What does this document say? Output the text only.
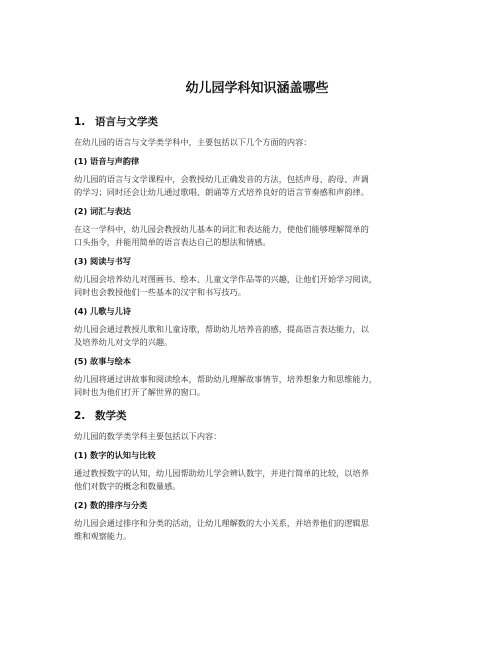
幼儿园学科知识涵盖哪些
1. 语言与文学类

在幼儿园的语言与文学类学科中，主要包括以下几个方面的内容：

(1) 语音与声韵律

幼儿园的语言与文学课程中，会教授幼儿正确发音的方法，包括声母、韵母、声调

的学习；同时还会让幼儿通过歌唱、朗诵等方式培养良好的语言节奏感和声韵律。

(2) 词汇与表达

在这一学科中，幼儿园会教授幼儿基本的词汇和表达能力，使他们能够理解简单的

口头指令，并能用简单的语言表达自己的想法和情感。

(3) 阅读与书写

幼儿园会培养幼儿对图画书、绘本、儿童文学作品等的兴趣，让他们开始学习阅读，

同时也会教授他们一些基本的汉字和书写技巧。

(4) 儿歌与儿诗

幼儿园会通过教授儿歌和儿童诗歌，帮助幼儿培养音韵感，提高语言表达能力，以

及培养幼儿对文学的兴趣。

(5) 故事与绘本

幼儿园将通过讲故事和阅读绘本，帮助幼儿理解故事情节，培养想象力和思维能力，

同时也为他们打开了解世界的窗口。

2. 数学类

幼儿园的数学类学科主要包括以下内容：

(1) 数字的认知与比较

通过教授数字的认知，幼儿园帮助幼儿学会辨认数字，并进行简单的比较，以培养

他们对数字的概念和数量感。

(2) 数的排序与分类

幼儿园会通过排序和分类的活动，让幼儿理解数的大小关系，并培养他们的逻辑思

维和观察能力。
